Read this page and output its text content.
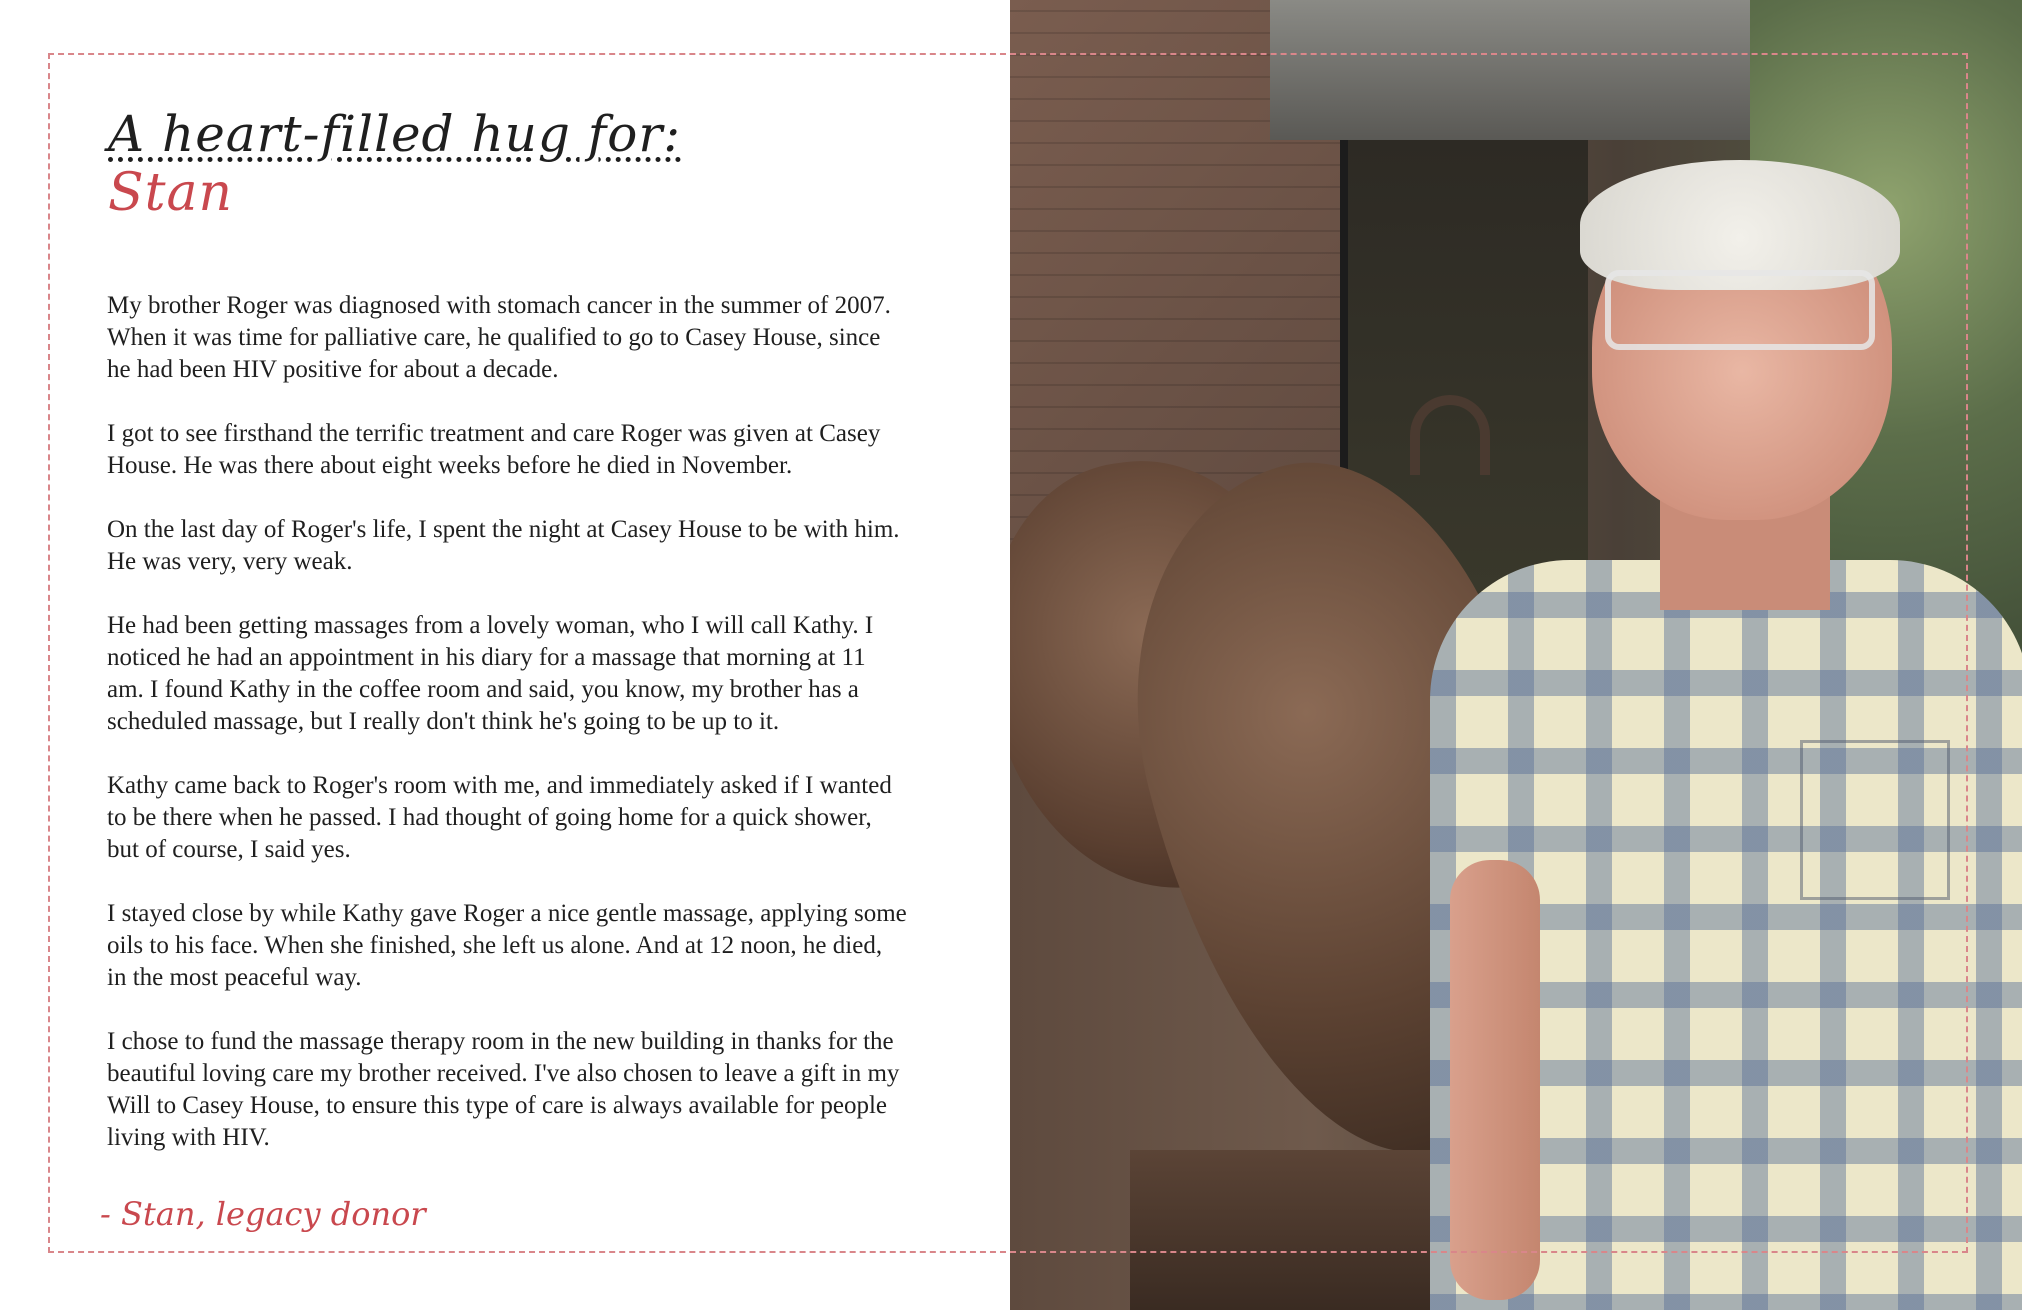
A heart-filled hug for:
Stan

My brother Roger was diagnosed with stomach cancer in the summer of 2007. When it was time for palliative care, he qualified to go to Casey House, since he had been HIV positive for about a decade.

I got to see firsthand the terrific treatment and care Roger was given at Casey House. He was there about eight weeks before he died in November.

On the last day of Roger's life, I spent the night at Casey House to be with him. He was very, very weak.

He had been getting massages from a lovely woman, who I will call Kathy. I noticed he had an appointment in his diary for a massage that morning at 11 am. I found Kathy in the coffee room and said, you know, my brother has a scheduled massage, but I really don't think he's going to be up to it.

Kathy came back to Roger's room with me, and immediately asked if I wanted to be there when he passed. I had thought of going home for a quick shower, but of course, I said yes.

I stayed close by while Kathy gave Roger a nice gentle massage, applying some oils to his face. When she finished, she left us alone. And at 12 noon, he died, in the most peaceful way.

I chose to fund the massage therapy room in the new building in thanks for the beautiful loving care my brother received. I've also chosen to leave a gift in my Will to Casey House, to ensure this type of care is always available for people living with HIV.

- Stan, legacy donor
